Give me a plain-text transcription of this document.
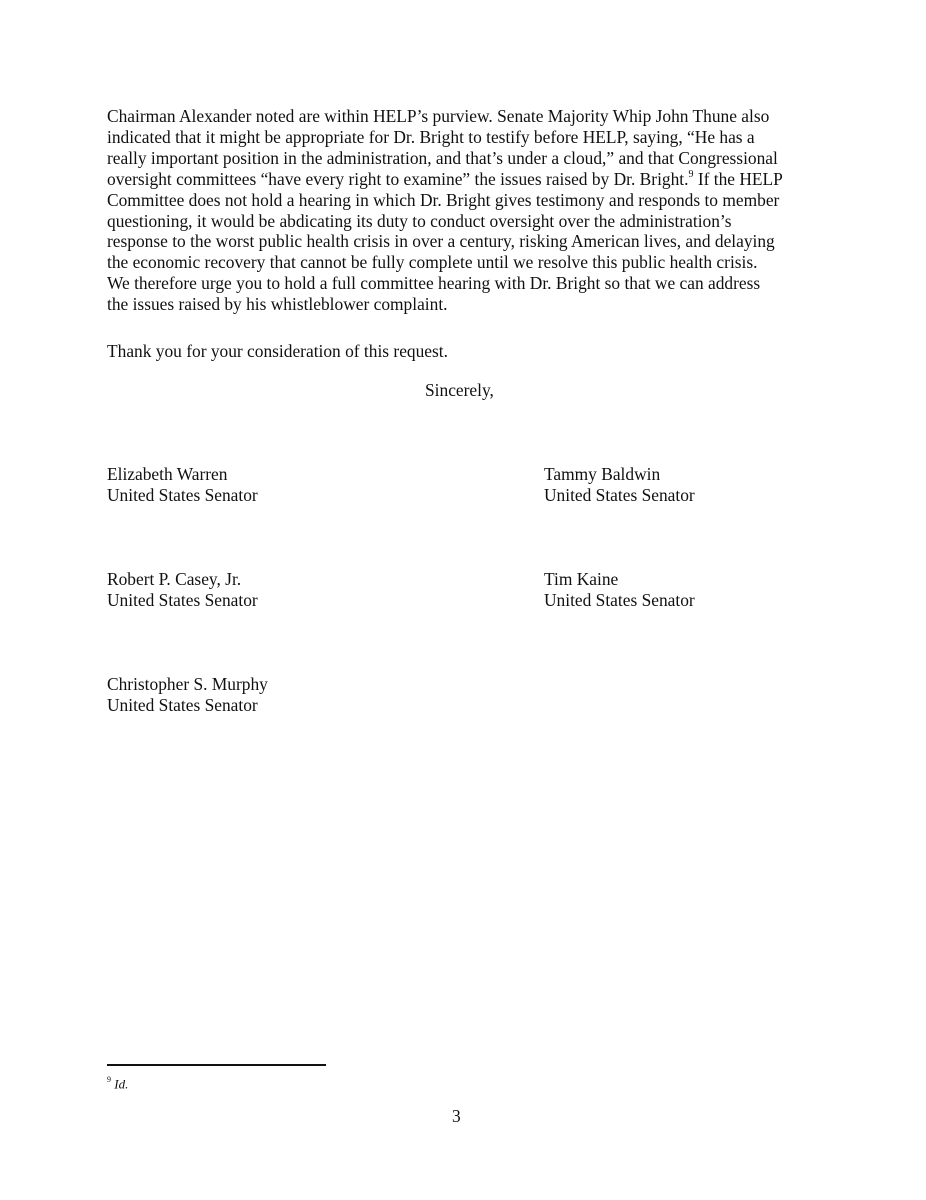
Chairman Alexander noted are within HELP’s purview. Senate Majority Whip John Thune also
indicated that it might be appropriate for Dr. Bright to testify before HELP, saying, “He has a
really important position in the administration, and that’s under a cloud,” and that Congressional
oversight committees “have every right to examine” the issues raised by Dr. Bright.$^9$ If the HELP
Committee does not hold a hearing in which Dr. Bright gives testimony and responds to member
questioning, it would be abdicating its duty to conduct oversight over the administration’s
response to the worst public health crisis in over a century, risking American lives, and delaying
the economic recovery that cannot be fully complete until we resolve this public health crisis.
We therefore urge you to hold a full committee hearing with Dr. Bright so that we can address
the issues raised by his whistleblower complaint.

Thank you for your consideration of this request.

Sincerely,

Elizabeth Warren
United States Senator
Tammy Baldwin
United States Senator
Robert P. Casey, Jr.
United States Senator
Tim Kaine
United States Senator
Christopher S. Murphy
United States Senator
$^9$ Id.
3
